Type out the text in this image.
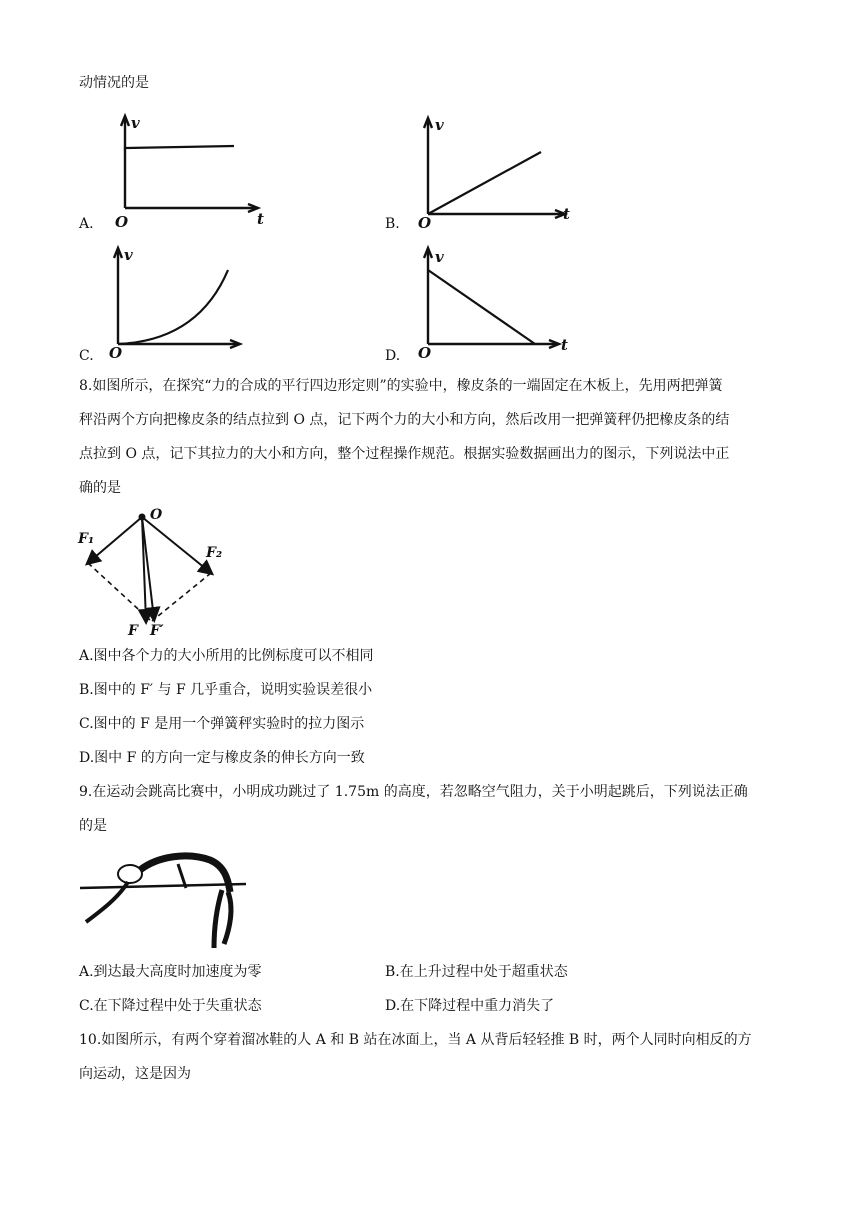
动情况的是
A.
v
t
O	B.
v
t
O
C.
v
O	D.
v
t
O
8.如图所示，在探究“力的合成的平行四边形定则”的实验中，橡皮条的一端固定在木板上，先用两把弹簧
秤沿两个方向把橡皮条的结点拉到 O 点，记下两个力的大小和方向，然后改用一把弹簧秤仍把橡皮条的结
点拉到 O 点，记下其拉力的大小和方向，整个过程操作规范。根据实验数据画出力的图示，下列说法中正
确的是
O
F₁
F₂
F F′
A.图中各个力的大小所用的比例标度可以不相同
B.图中的 F′ 与 F 几乎重合，说明实验误差很小
C.图中的 F 是用一个弹簧秤实验时的拉力图示
D.图中 F 的方向一定与橡皮条的伸长方向一致
9.在运动会跳高比赛中，小明成功跳过了 1.75m 的高度，若忽略空气阻力，关于小明起跳后，下列说法正确
的是
A.到达最大高度时加速度为零	B.在上升过程中处于超重状态
C.在下降过程中处于失重状态	D.在下降过程中重力消失了
10.如图所示，有两个穿着溜冰鞋的人 A 和 B 站在冰面上，当 A 从背后轻轻推 B 时，两个人同时向相反的方
向运动，这是因为
